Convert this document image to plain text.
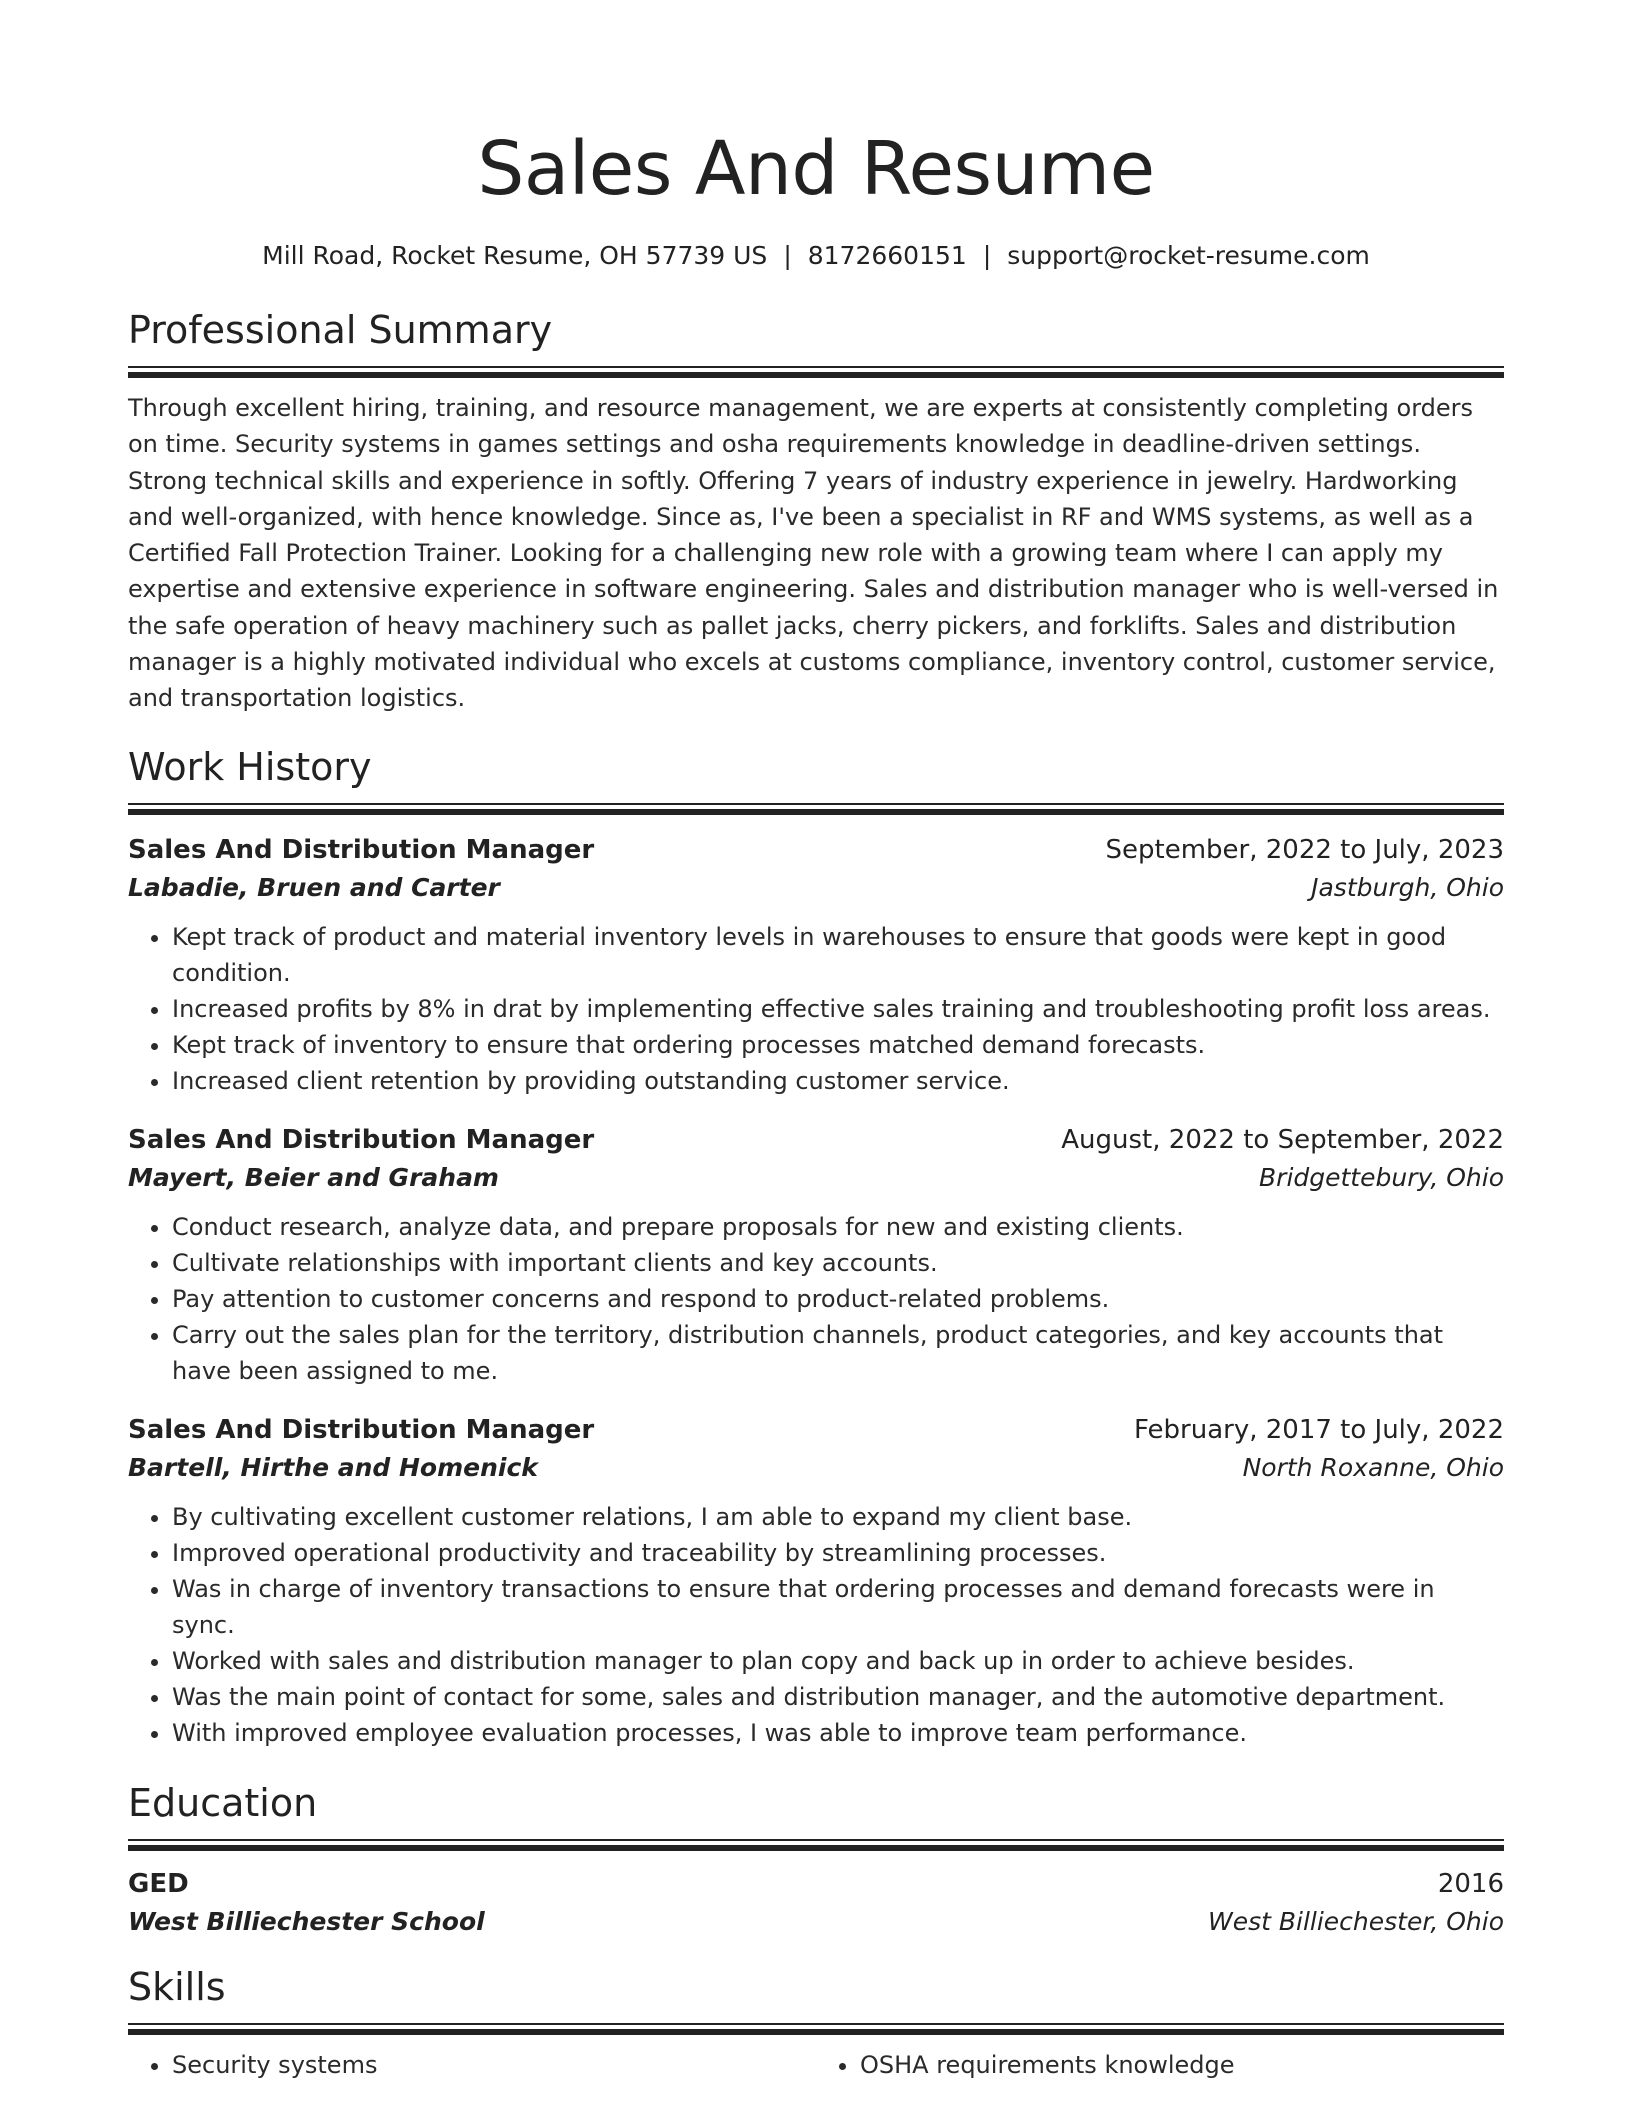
Sales And Resume
Mill Road, Rocket Resume, OH 57739 US | 8172660151 | support@rocket-resume.com
Professional Summary
Through excellent hiring, training, and resource management, we are experts at consistently completing orders on time. Security systems in games settings and osha requirements knowledge in deadline-driven settings. Strong technical skills and experience in softly. Offering 7 years of industry experience in jewelry. Hardworking and well-organized, with hence knowledge. Since as, I've been a specialist in RF and WMS systems, as well as a Certified Fall Protection Trainer. Looking for a challenging new role with a growing team where I can apply my expertise and extensive experience in software engineering. Sales and distribution manager who is well-versed in the safe operation of heavy machinery such as pallet jacks, cherry pickers, and forklifts. Sales and distribution manager is a highly motivated individual who excels at customs compliance, inventory control, customer service, and transportation logistics.
Work History
Sales And Distribution Manager	September, 2022 to July, 2023
Labadie, Bruen and Carter	Jastburgh, Ohio
• Kept track of product and material inventory levels in warehouses to ensure that goods were kept in good condition.
• Increased profits by 8% in drat by implementing effective sales training and troubleshooting profit loss areas.
• Kept track of inventory to ensure that ordering processes matched demand forecasts.
• Increased client retention by providing outstanding customer service.
Sales And Distribution Manager	August, 2022 to September, 2022
Mayert, Beier and Graham	Bridgettebury, Ohio
• Conduct research, analyze data, and prepare proposals for new and existing clients.
• Cultivate relationships with important clients and key accounts.
• Pay attention to customer concerns and respond to product-related problems.
• Carry out the sales plan for the territory, distribution channels, product categories, and key accounts that have been assigned to me.
Sales And Distribution Manager	February, 2017 to July, 2022
Bartell, Hirthe and Homenick	North Roxanne, Ohio
• By cultivating excellent customer relations, I am able to expand my client base.
• Improved operational productivity and traceability by streamlining processes.
• Was in charge of inventory transactions to ensure that ordering processes and demand forecasts were in sync.
• Worked with sales and distribution manager to plan copy and back up in order to achieve besides.
• Was the main point of contact for some, sales and distribution manager, and the automotive department.
• With improved employee evaluation processes, I was able to improve team performance.
Education
GED	2016
West Billiechester School	West Billiechester, Ohio
Skills
• Security systems
•	OSHA requirements knowledge
